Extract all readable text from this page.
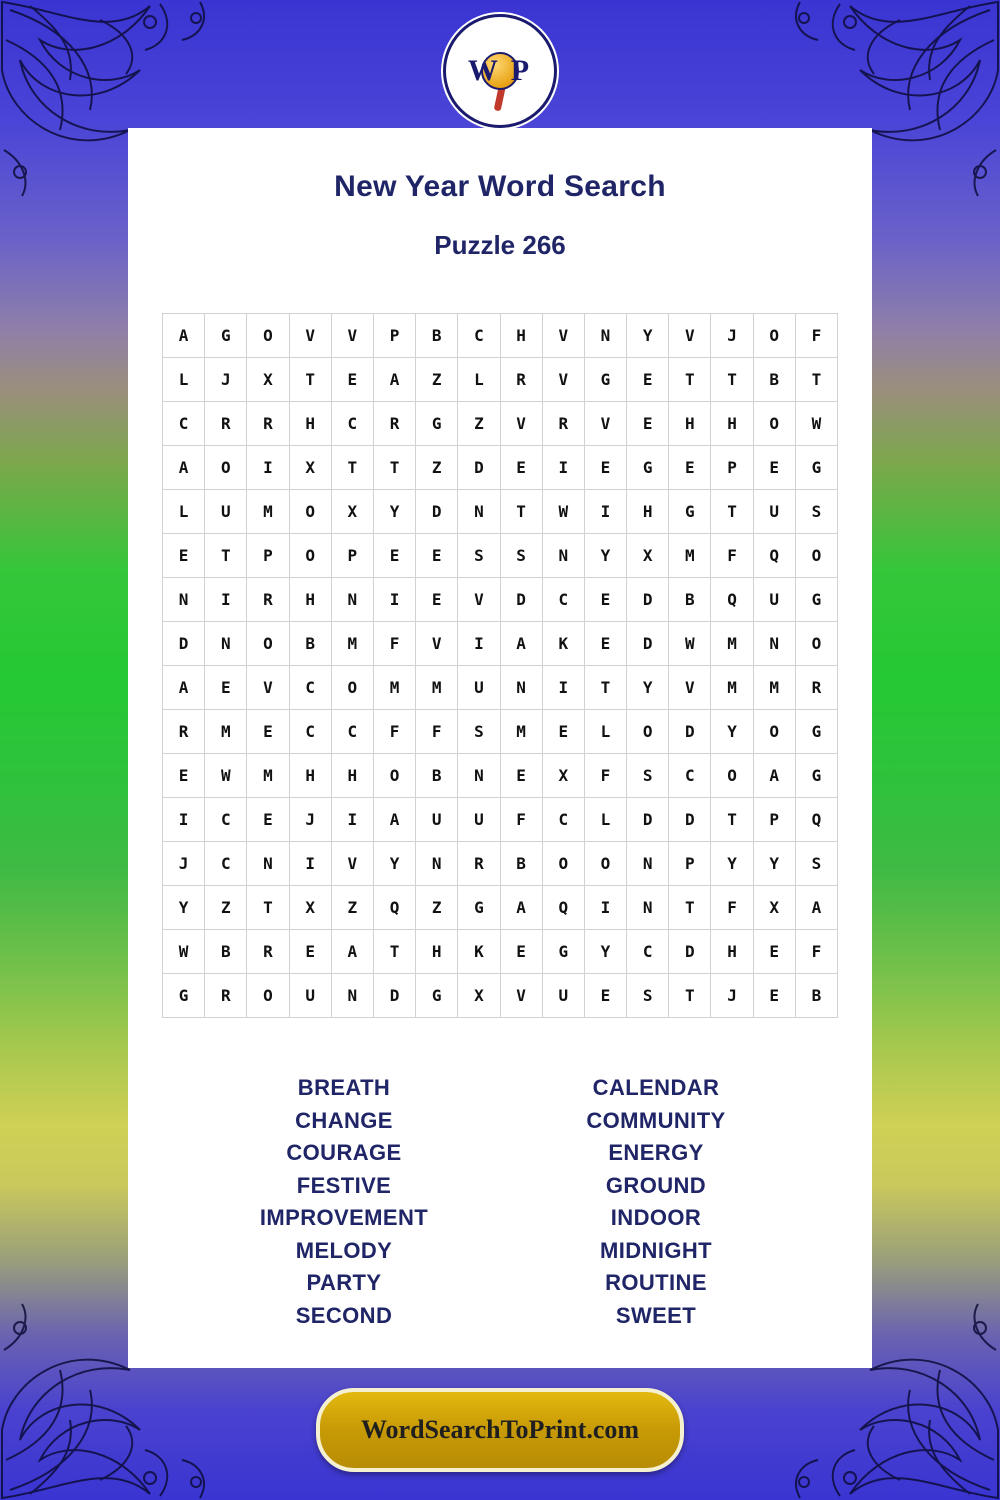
W P
New Year Word Search
Puzzle 266
A	G	O	V	V	P	B	C	H	V	N	Y	V	J	O	F
L	J	X	T	E	A	Z	L	R	V	G	E	T	T	B	T
C	R	R	H	C	R	G	Z	V	R	V	E	H	H	O	W
A	O	I	X	T	T	Z	D	E	I	E	G	E	P	E	G
L	U	M	O	X	Y	D	N	T	W	I	H	G	T	U	S
E	T	P	O	P	E	E	S	S	N	Y	X	M	F	Q	O
N	I	R	H	N	I	E	V	D	C	E	D	B	Q	U	G
D	N	O	B	M	F	V	I	A	K	E	D	W	M	N	O
A	E	V	C	O	M	M	U	N	I	T	Y	V	M	M	R
R	M	E	C	C	F	F	S	M	E	L	O	D	Y	O	G
E	W	M	H	H	O	B	N	E	X	F	S	C	O	A	G
I	C	E	J	I	A	U	U	F	C	L	D	D	T	P	Q
J	C	N	I	V	Y	N	R	B	O	O	N	P	Y	Y	S
Y	Z	T	X	Z	Q	Z	G	A	Q	I	N	T	F	X	A
W	B	R	E	A	T	H	K	E	G	Y	C	D	H	E	F
G	R	O	U	N	D	G	X	V	U	E	S	T	J	E	B
BREATH
CHANGE
COURAGE
FESTIVE
IMPROVEMENT
MELODY
PARTY
SECOND
CALENDAR
COMMUNITY
ENERGY
GROUND
INDOOR
MIDNIGHT
ROUTINE
SWEET
WordSearchToPrint.com
